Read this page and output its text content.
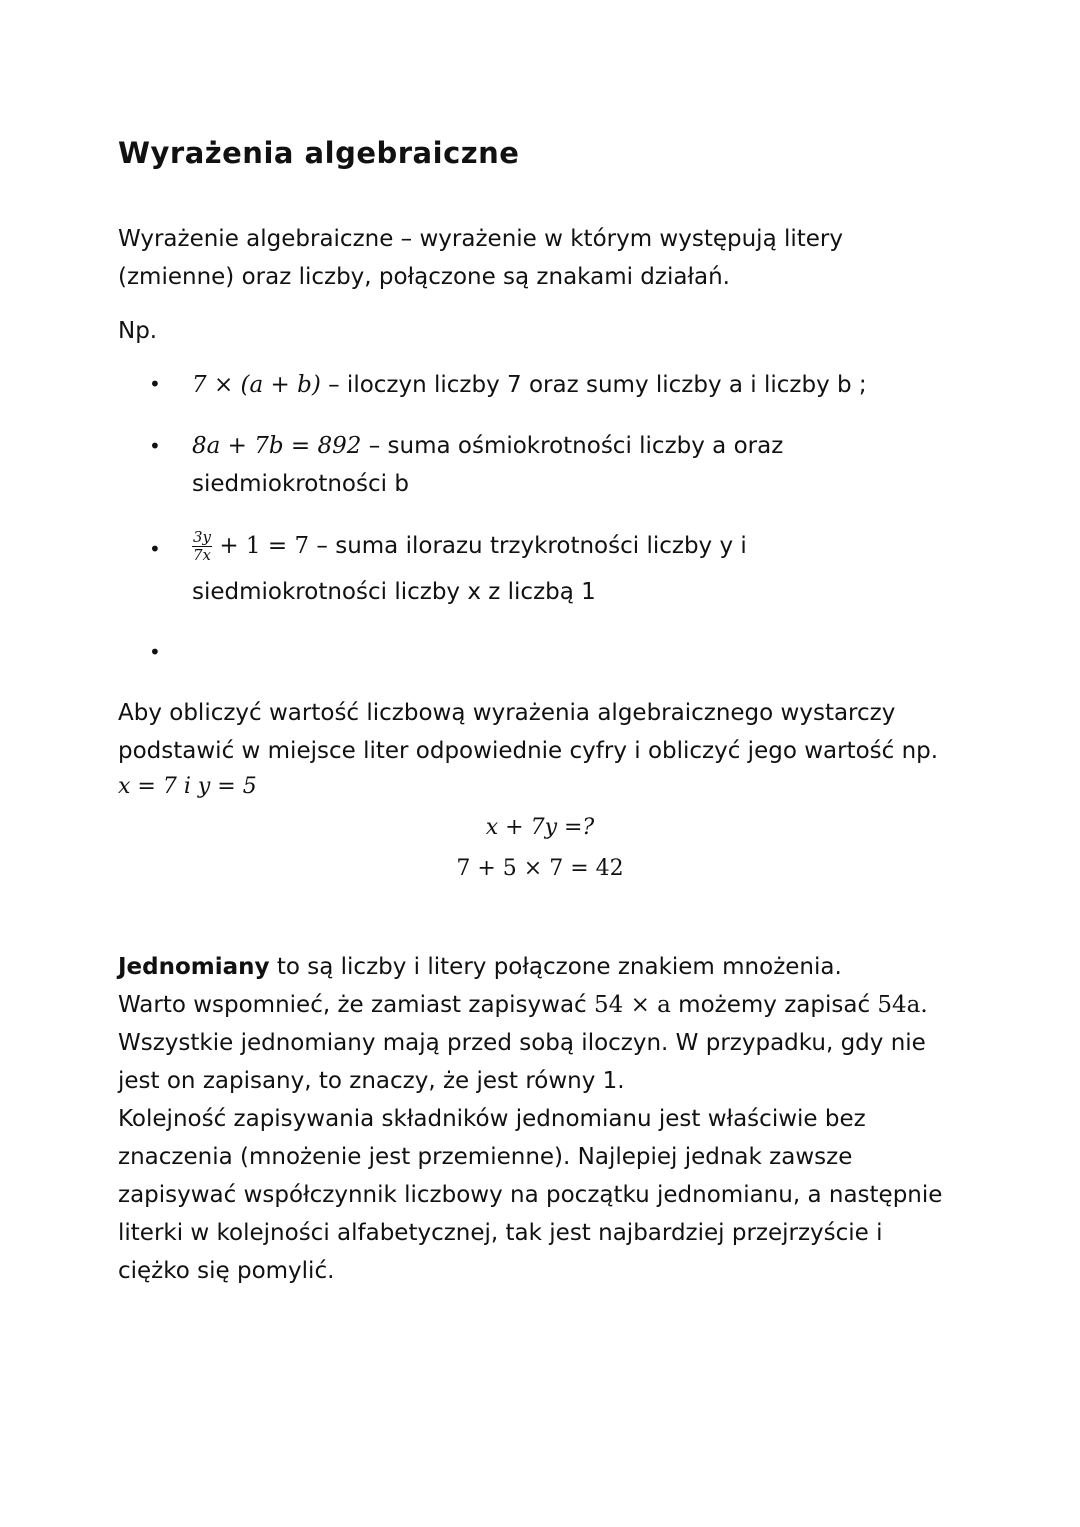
Wyrażenia algebraiczne
Wyrażenie algebraiczne – wyrażenie w którym występują litery
(zmienne) oraz liczby, połączone są znakami działań.
Np.
• 7 × (a + b) – iloczyn liczby 7 oraz sumy liczby a i liczby b ;
• 8a + 7b = 892 – suma ośmiokrotności liczby a oraz
siedmiokrotności b
• $\frac{3y}{7x} + 1 = 7$ – suma ilorazu trzykrotności liczby y i
siedmiokrotności liczby x z liczbą 1
•
Aby obliczyć wartość liczbową wyrażenia algebraicznego wystarczy
podstawić w miejsce liter odpowiednie cyfry i obliczyć jego wartość np.
x = 7 i y = 5
x + 7y =?
7 + 5 × 7 = 42
Jednomiany to są liczby i litery połączone znakiem mnożenia.
Warto wspomnieć, że zamiast zapisywać 54 × a możemy zapisać 54a.
Wszystkie jednomiany mają przed sobą iloczyn. W przypadku, gdy nie
jest on zapisany, to znaczy, że jest równy 1.
Kolejność zapisywania składników jednomianu jest właściwie bez
znaczenia (mnożenie jest przemienne). Najlepiej jednak zawsze
zapisywać współczynnik liczbowy na początku jednomianu, a następnie
literki w kolejności alfabetycznej, tak jest najbardziej przejrzyście i
ciężko się pomylić.
